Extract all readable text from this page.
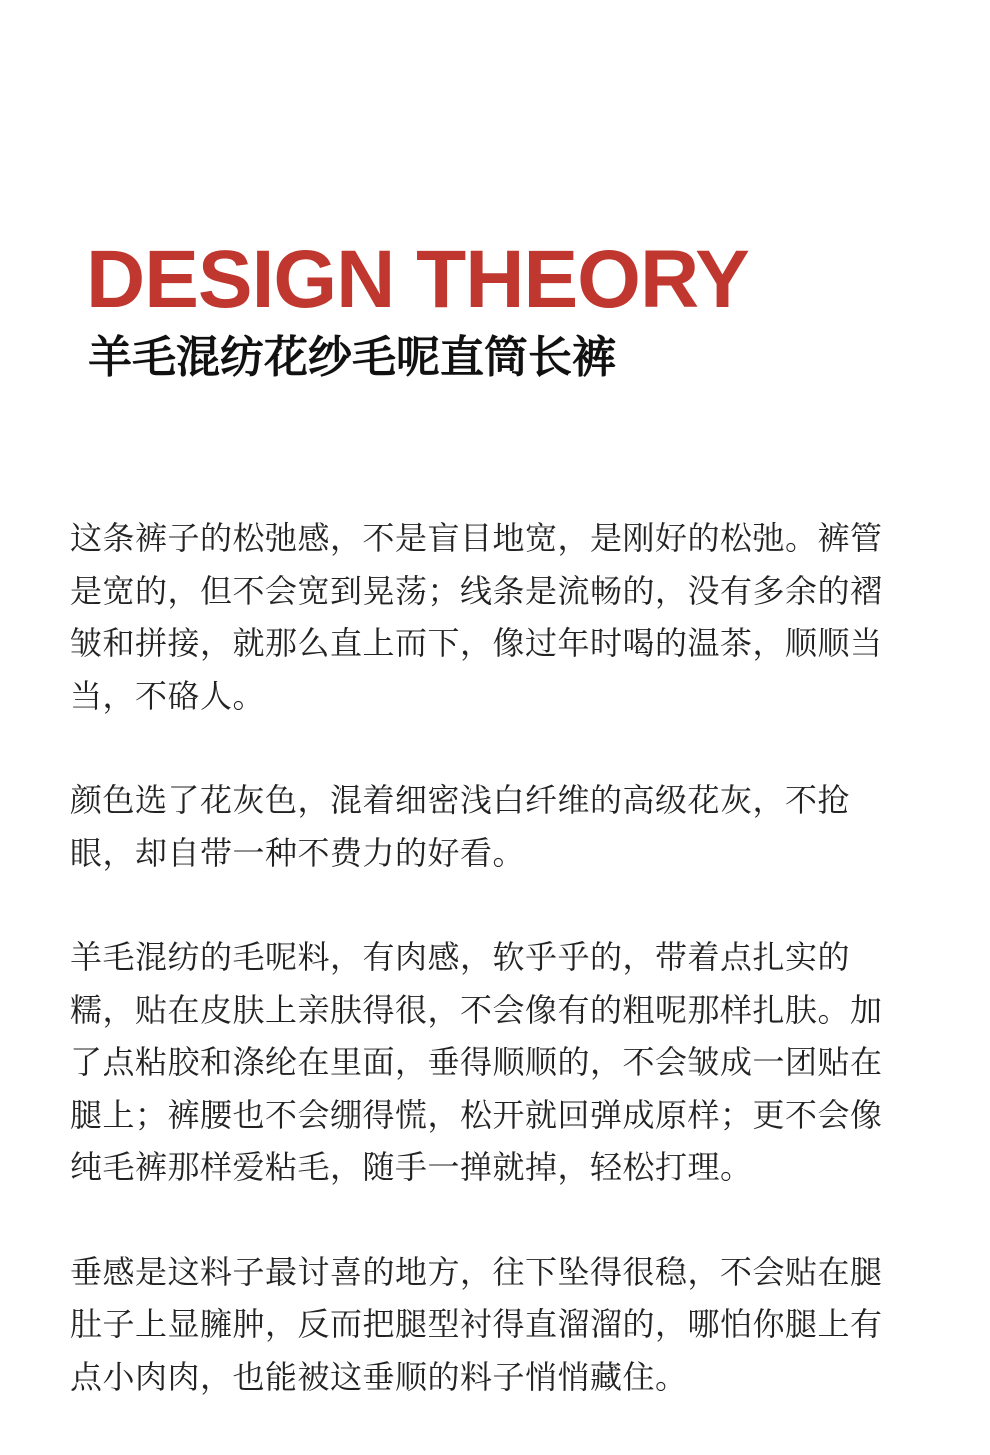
DESIGN THEORY
羊毛混纺花纱毛呢直筒长裤

这条裤子的松弛感，不是盲目地宽，是刚好的松弛。裤管
是宽的，但不会宽到晃荡；线条是流畅的，没有多余的褶
皱和拼接，就那么直上而下，像过年时喝的温茶，顺顺当
当，不硌人。

颜色选了花灰色，混着细密浅白纤维的高级花灰，不抢
眼，却自带一种不费力的好看。

羊毛混纺的毛呢料，有肉感，软乎乎的，带着点扎实的
糯，贴在皮肤上亲肤得很，不会像有的粗呢那样扎肤。加
了点粘胶和涤纶在里面，垂得顺顺的，不会皱成一团贴在
腿上；裤腰也不会绷得慌，松开就回弹成原样；更不会像
纯毛裤那样爱粘毛，随手一掸就掉，轻松打理。

垂感是这料子最讨喜的地方，往下坠得很稳，不会贴在腿
肚子上显臃肿，反而把腿型衬得直溜溜的，哪怕你腿上有
点小肉肉，也能被这垂顺的料子悄悄藏住。
